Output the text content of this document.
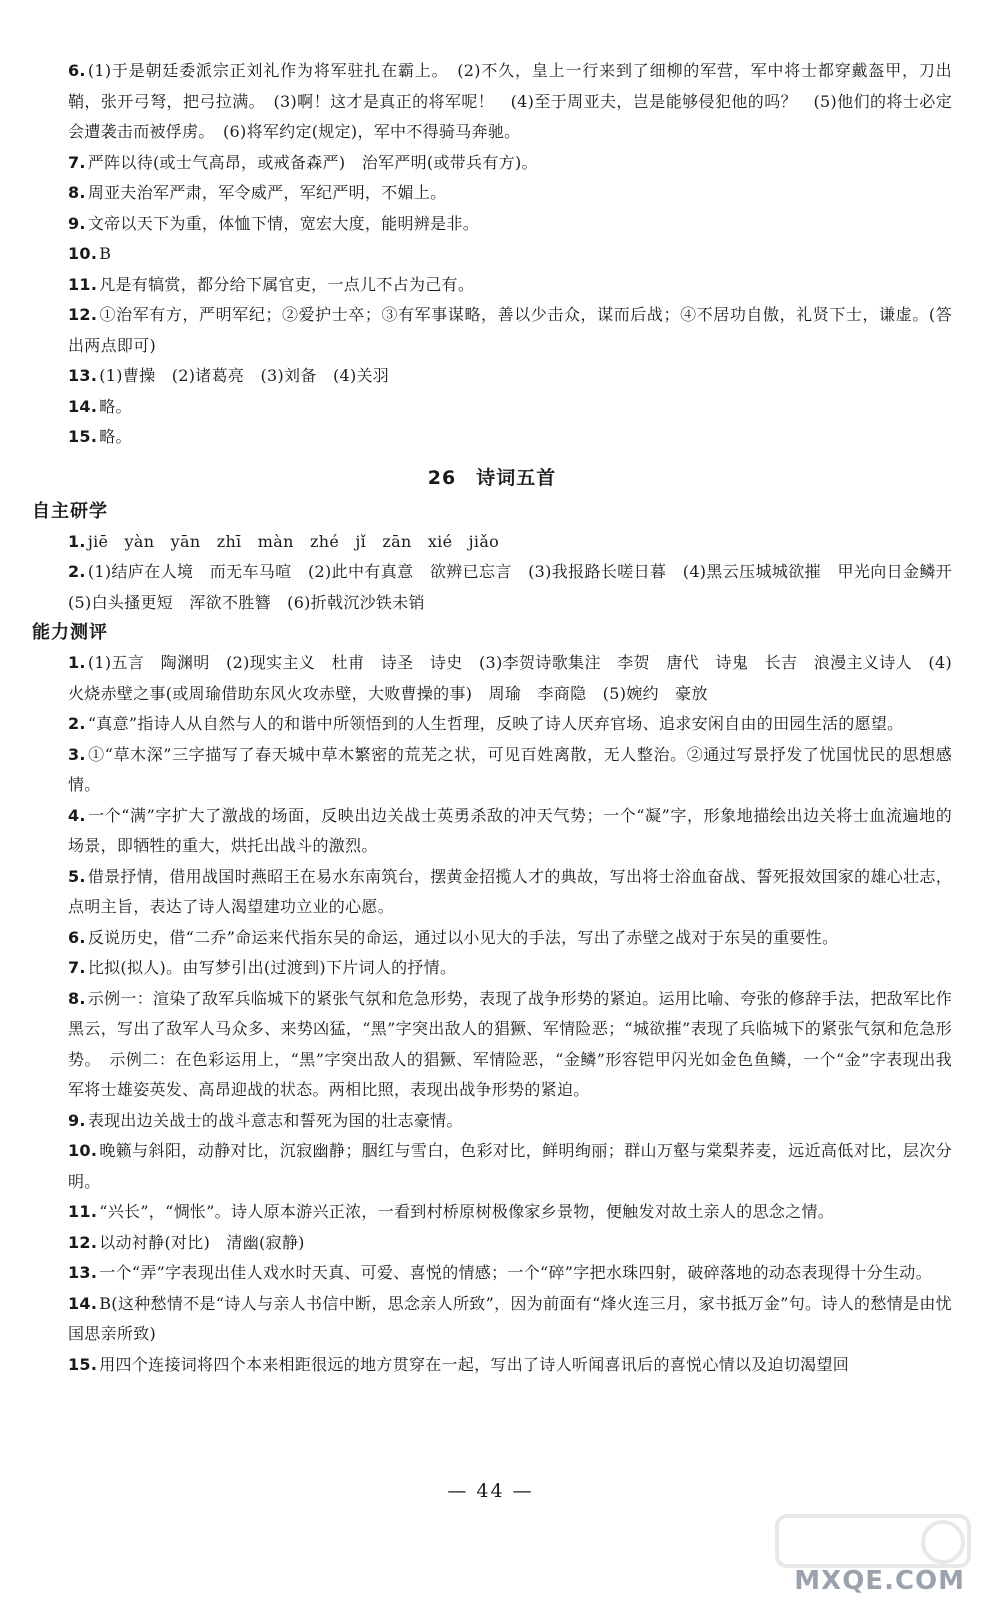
6. (1)于是朝廷委派宗正刘礼作为将军驻扎在霸上。　(2)不久，皇上一行来到了细柳的军营，军中将士都穿戴盔甲，刀出鞘，张开弓弩，把弓拉满。　(3)啊！这才是真正的将军呢！　(4)至于周亚夫，岂是能够侵犯他的吗？　(5)他们的将士必定会遭袭击而被俘虏。　(6)将军约定(规定)，军中不得骑马奔驰。

7. 严阵以待(或士气高昂，或戒备森严)　治军严明(或带兵有方)。

8. 周亚夫治军严肃，军令威严，军纪严明，不媚上。

9. 文帝以天下为重，体恤下情，宽宏大度，能明辨是非。

10. B

11. 凡是有犒赏，都分给下属官吏，一点儿不占为己有。

12. ①治军有方，严明军纪；②爱护士卒；③有军事谋略，善以少击众，谋而后战；④不居功自傲，礼贤下士，谦虚。(答出两点即可)

13. (1)曹操　(2)诸葛亮　(3)刘备　(4)关羽

14. 略。

15. 略。

26　诗词五首
自主研学

1. jiē　yàn　yān　zhī　màn　zhé　jǐ　zān　xié　jiǎo

2. (1)结庐在人境　而无车马喧　(2)此中有真意　欲辨已忘言　(3)我报路长嗟日暮　(4)黑云压城城欲摧　甲光向日金鳞开　(5)白头搔更短　浑欲不胜簪　(6)折戟沉沙铁未销

能力测评

1. (1)五言　陶渊明　(2)现实主义　杜甫　诗圣　诗史　(3)李贺诗歌集注　李贺　唐代　诗鬼　长吉　浪漫主义诗人　(4)火烧赤壁之事(或周瑜借助东风火攻赤壁，大败曹操的事)　周瑜　李商隐　(5)婉约　豪放

2. “真意”指诗人从自然与人的和谐中所领悟到的人生哲理，反映了诗人厌弃官场、追求安闲自由的田园生活的愿望。

3. ①“草木深”三字描写了春天城中草木繁密的荒芜之状，可见百姓离散，无人整治。②通过写景抒发了忧国忧民的思想感情。

4. 一个“满”字扩大了激战的场面，反映出边关战士英勇杀敌的冲天气势；一个“凝”字，形象地描绘出边关将士血流遍地的场景，即牺牲的重大，烘托出战斗的激烈。

5. 借景抒情，借用战国时燕昭王在易水东南筑台，摆黄金招揽人才的典故，写出将士浴血奋战、誓死报效国家的雄心壮志，点明主旨，表达了诗人渴望建功立业的心愿。

6. 反说历史，借“二乔”命运来代指东吴的命运，通过以小见大的手法，写出了赤壁之战对于东吴的重要性。

7. 比拟(拟人)。由写梦引出(过渡到)下片词人的抒情。

8. 示例一：渲染了敌军兵临城下的紧张气氛和危急形势，表现了战争形势的紧迫。运用比喻、夸张的修辞手法，把敌军比作黑云，写出了敌军人马众多、来势凶猛，“黑”字突出敌人的猖獗、军情险恶；“城欲摧”表现了兵临城下的紧张气氛和危急形势。　示例二：在色彩运用上，“黑”字突出敌人的猖獗、军情险恶，“金鳞”形容铠甲闪光如金色鱼鳞，一个“金”字表现出我军将士雄姿英发、高昂迎战的状态。两相比照，表现出战争形势的紧迫。

9. 表现出边关战士的战斗意志和誓死为国的壮志豪情。

10. 晚籁与斜阳，动静对比，沉寂幽静；胭红与雪白，色彩对比，鲜明绚丽；群山万壑与棠梨荞麦，远近高低对比，层次分明。

11. “兴长”，“惆怅”。诗人原本游兴正浓，一看到村桥原树极像家乡景物，便触发对故土亲人的思念之情。

12. 以动衬静(对比)　清幽(寂静)

13. 一个“弄”字表现出佳人戏水时天真、可爱、喜悦的情感；一个“碎”字把水珠四射，破碎落地的动态表现得十分生动。

14. B(这种愁情不是“诗人与亲人书信中断，思念亲人所致”，因为前面有“烽火连三月，家书抵万金”句。诗人的愁情是由忧国思亲所致)

15. 用四个连接词将四个本来相距很远的地方贯穿在一起，写出了诗人听闻喜讯后的喜悦心情以及迫切渴望回

— 44 —
MXQE.COM
